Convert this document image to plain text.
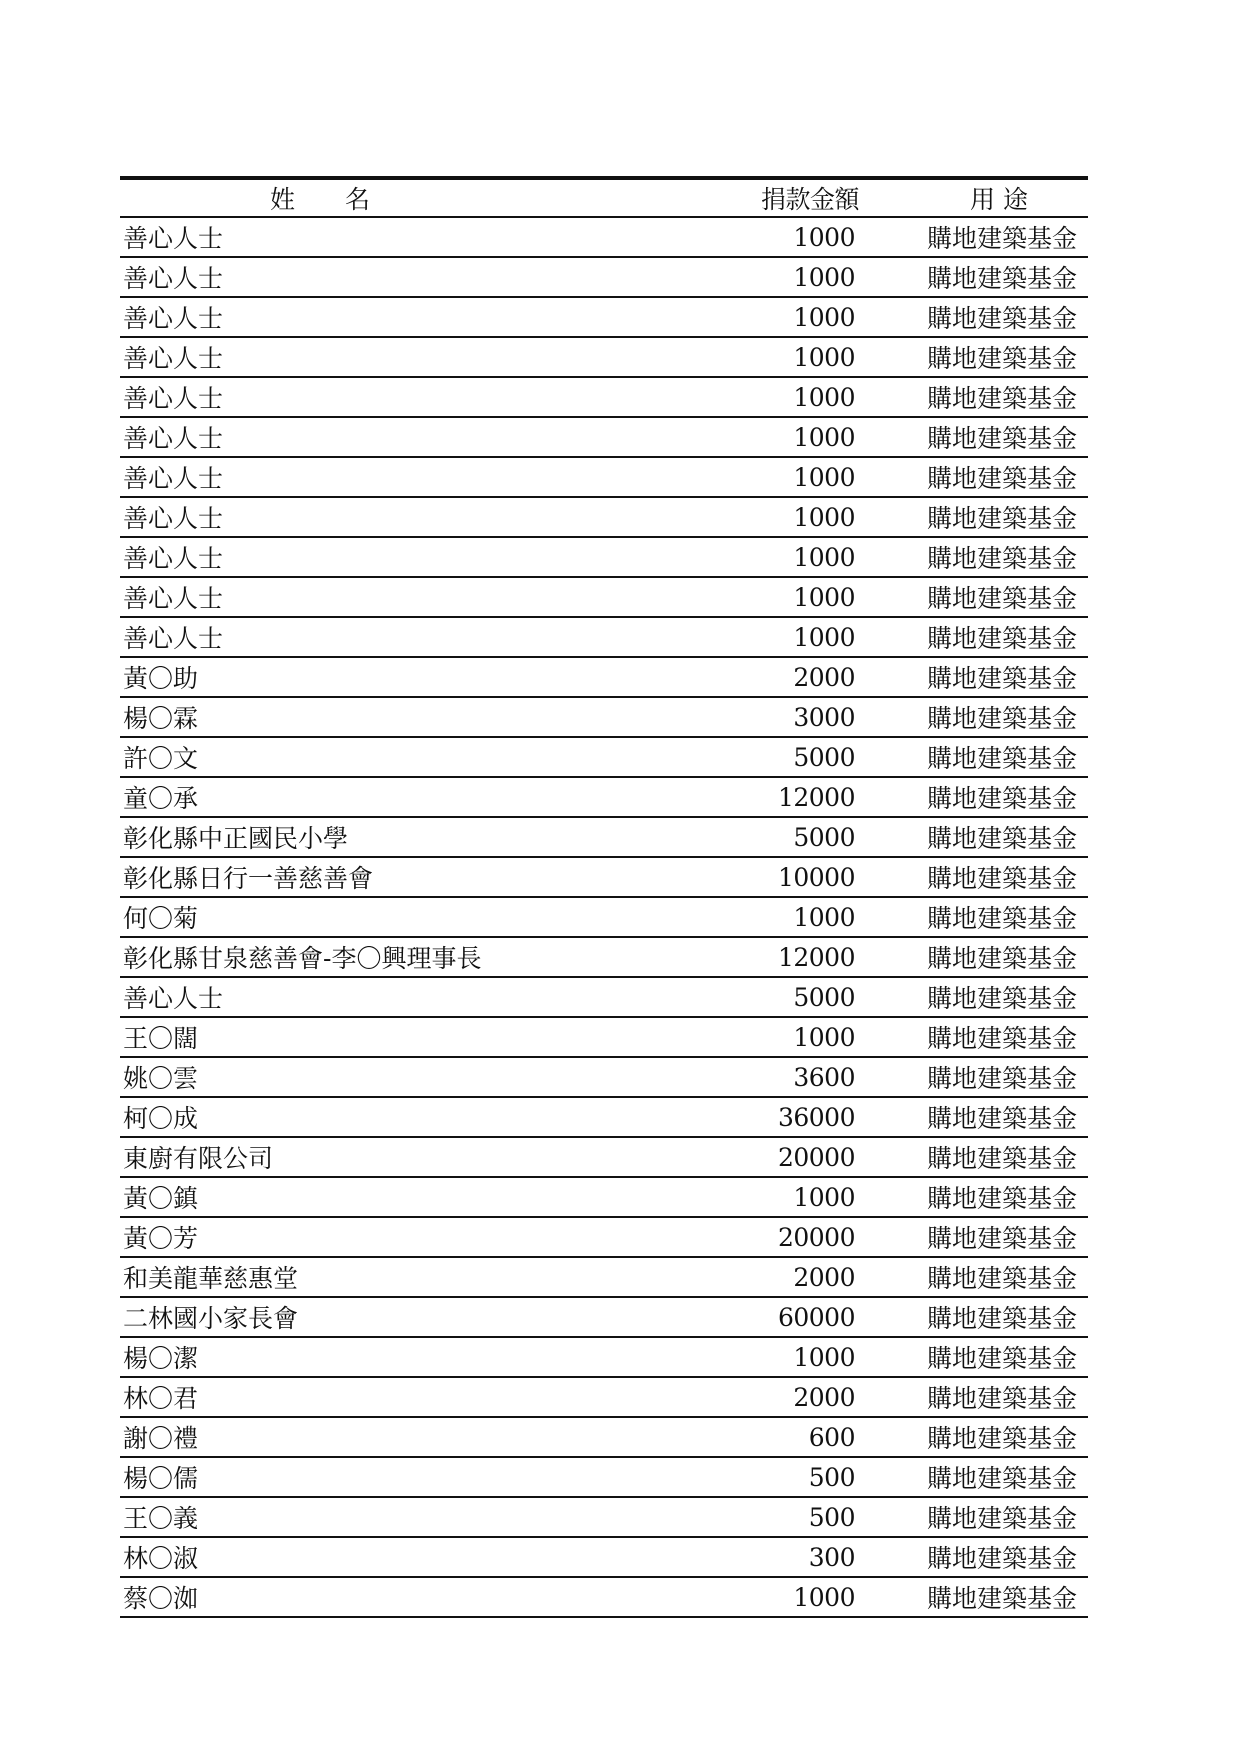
姓　　名	捐款金額	用 途
善心人士	1000	購地建築基金
善心人士	1000	購地建築基金
善心人士	1000	購地建築基金
善心人士	1000	購地建築基金
善心人士	1000	購地建築基金
善心人士	1000	購地建築基金
善心人士	1000	購地建築基金
善心人士	1000	購地建築基金
善心人士	1000	購地建築基金
善心人士	1000	購地建築基金
善心人士	1000	購地建築基金
黃〇助	2000	購地建築基金
楊〇霖	3000	購地建築基金
許〇文	5000	購地建築基金
童〇承	12000	購地建築基金
彰化縣中正國民小學	5000	購地建築基金
彰化縣日行一善慈善會	10000	購地建築基金
何〇菊	1000	購地建築基金
彰化縣甘泉慈善會-李〇興理事長	12000	購地建築基金
善心人士	5000	購地建築基金
王〇闊	1000	購地建築基金
姚〇雲	3600	購地建築基金
柯〇成	36000	購地建築基金
東廚有限公司	20000	購地建築基金
黃〇鎮	1000	購地建築基金
黃〇芳	20000	購地建築基金
和美龍華慈惠堂	2000	購地建築基金
二林國小家長會	60000	購地建築基金
楊〇潔	1000	購地建築基金
林〇君	2000	購地建築基金
謝〇禮	600	購地建築基金
楊〇儒	500	購地建築基金
王〇義	500	購地建築基金
林〇淑	300	購地建築基金
蔡〇洳	1000	購地建築基金
